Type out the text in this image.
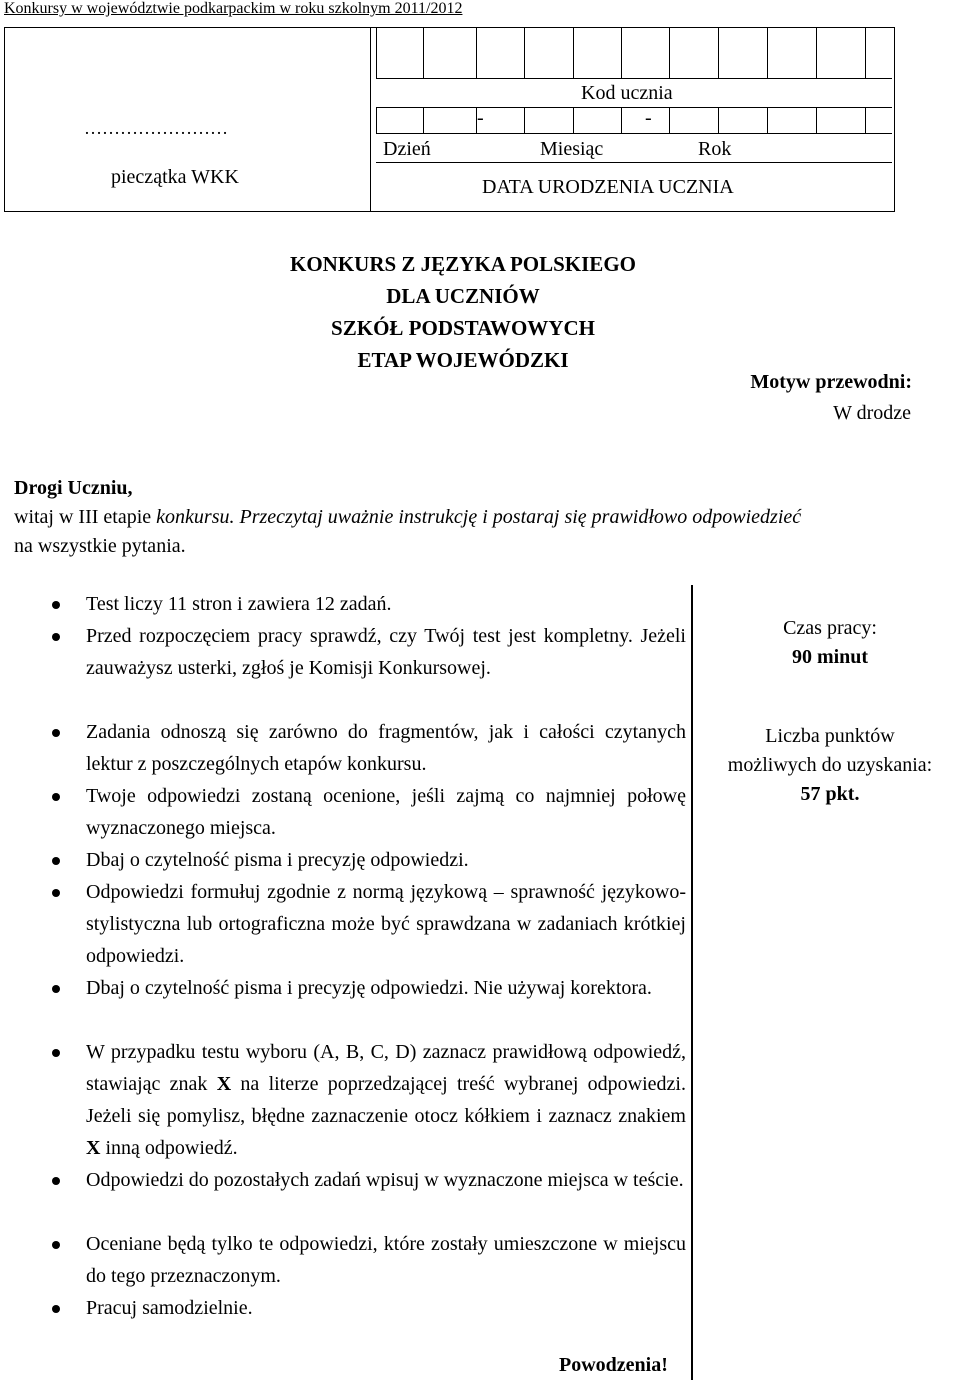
Konkursy w województwie podkarpackim w roku szkolnym 2011/2012
……………………
pieczątka WKK
Kod ucznia
-	-
Dzień	Miesiąc	Rok
DATA URODZENIA UCZNIA
KONKURS Z JĘZYKA POLSKIEGO
DLA UCZNIÓW
SZKÓŁ PODSTAWOWYCH
ETAP WOJEWÓDZKI
Motyw przewodni:
W drodze
Drogi Uczniu,
witaj w III etapie konkursu. Przeczytaj uważnie instrukcję i postaraj się prawidłowo odpowiedzieć
na wszystkie pytania.

Test liczy 11 stron i zawiera 12 zadań.

Przed rozpoczęciem pracy sprawdź, czy Twój test jest kompletny. Jeżeli zauważysz usterki, zgłoś je Komisji Konkursowej.

Zadania odnoszą się zarówno do fragmentów, jak i całości czytanych lektur z poszczególnych etapów konkursu.

Twoje odpowiedzi zostaną ocenione, jeśli zajmą co najmniej połowę wyznaczonego miejsca.

Dbaj o czytelność pisma i precyzję odpowiedzi.

Odpowiedzi formułuj zgodnie z normą językową – sprawność językowo-stylistyczna lub ortograficzna może być sprawdzana w zadaniach krótkiej odpowiedzi.

Dbaj o czytelność pisma i precyzję odpowiedzi. Nie używaj korektora.

W przypadku testu wyboru (A, B, C, D) zaznacz prawidłową odpowiedź, stawiając znak X na literze poprzedzającej treść wybranej odpowiedzi. Jeżeli się pomylisz, błędne zaznaczenie otocz kółkiem i zaznacz znakiem X inną odpowiedź.

Odpowiedzi do pozostałych zadań wpisuj w wyznaczone miejsca w teście.

Oceniane będą tylko te odpowiedzi, które zostały umieszczone w miejscu do tego przeznaczonym.

Pracuj samodzielnie.

Czas pracy:
90 minut
Liczba punktów
możliwych do uzyskania:
57 pkt.
Powodzenia!
